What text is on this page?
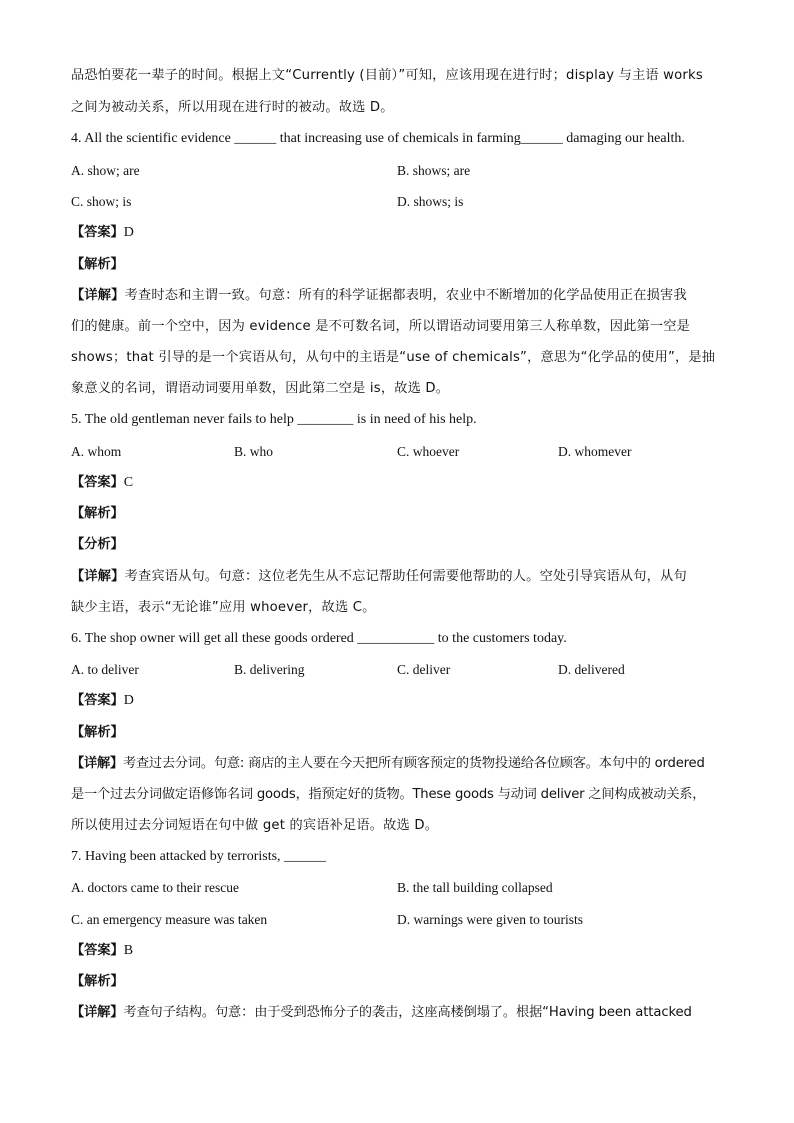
品恐怕要花一辈子的时间。根据上文“Currently (目前）”可知，应该用现在进行时；display 与主语 works
之间为被动关系，所以用现在进行时的被动。故选 D。
4. All the scientific evidence ______ that increasing use of chemicals in farming______ damaging our health.
A. show; are	B. shows; are
C. show; is	D. shows; is
【答案】D
【解析】
【详解】考查时态和主谓一致。句意：所有的科学证据都表明，农业中不断增加的化学品使用正在损害我
们的健康。前一个空中，因为 evidence 是不可数名词，所以谓语动词要用第三人称单数，因此第一空是
shows；that 引导的是一个宾语从句，从句中的主语是“use of chemicals”，意思为“化学品的使用”，是抽
象意义的名词，谓语动词要用单数，因此第二空是 is，故选 D。
5. The old gentleman never fails to help ________ is in need of his help.
A. whom	B. who	C. whoever	D. whomever
【答案】C
【解析】
【分析】
【详解】考查宾语从句。句意：这位老先生从不忘记帮助任何需要他帮助的人。空处引导宾语从句，从句
缺少主语，表示“无论谁”应用 whoever，故选 C。
6. The shop owner will get all these goods ordered ___________ to the customers today.
A. to deliver	B. delivering	C. deliver	D. delivered
【答案】D
【解析】
【详解】考查过去分词。句意: 商店的主人要在今天把所有顾客预定的货物投递给各位顾客。本句中的 ordered
是一个过去分词做定语修饰名词 goods，指预定好的货物。These goods 与动词 deliver 之间构成被动关系，
所以使用过去分词短语在句中做 get 的宾语补足语。故选 D。
7. Having been attacked by terrorists, ______
A. doctors came to their rescue	B. the tall building collapsed
C. an emergency measure was taken	D. warnings were given to tourists
【答案】B
【解析】
【详解】考查句子结构。句意：由于受到恐怖分子的袭击，这座高楼倒塌了。根据“Having been attacked
